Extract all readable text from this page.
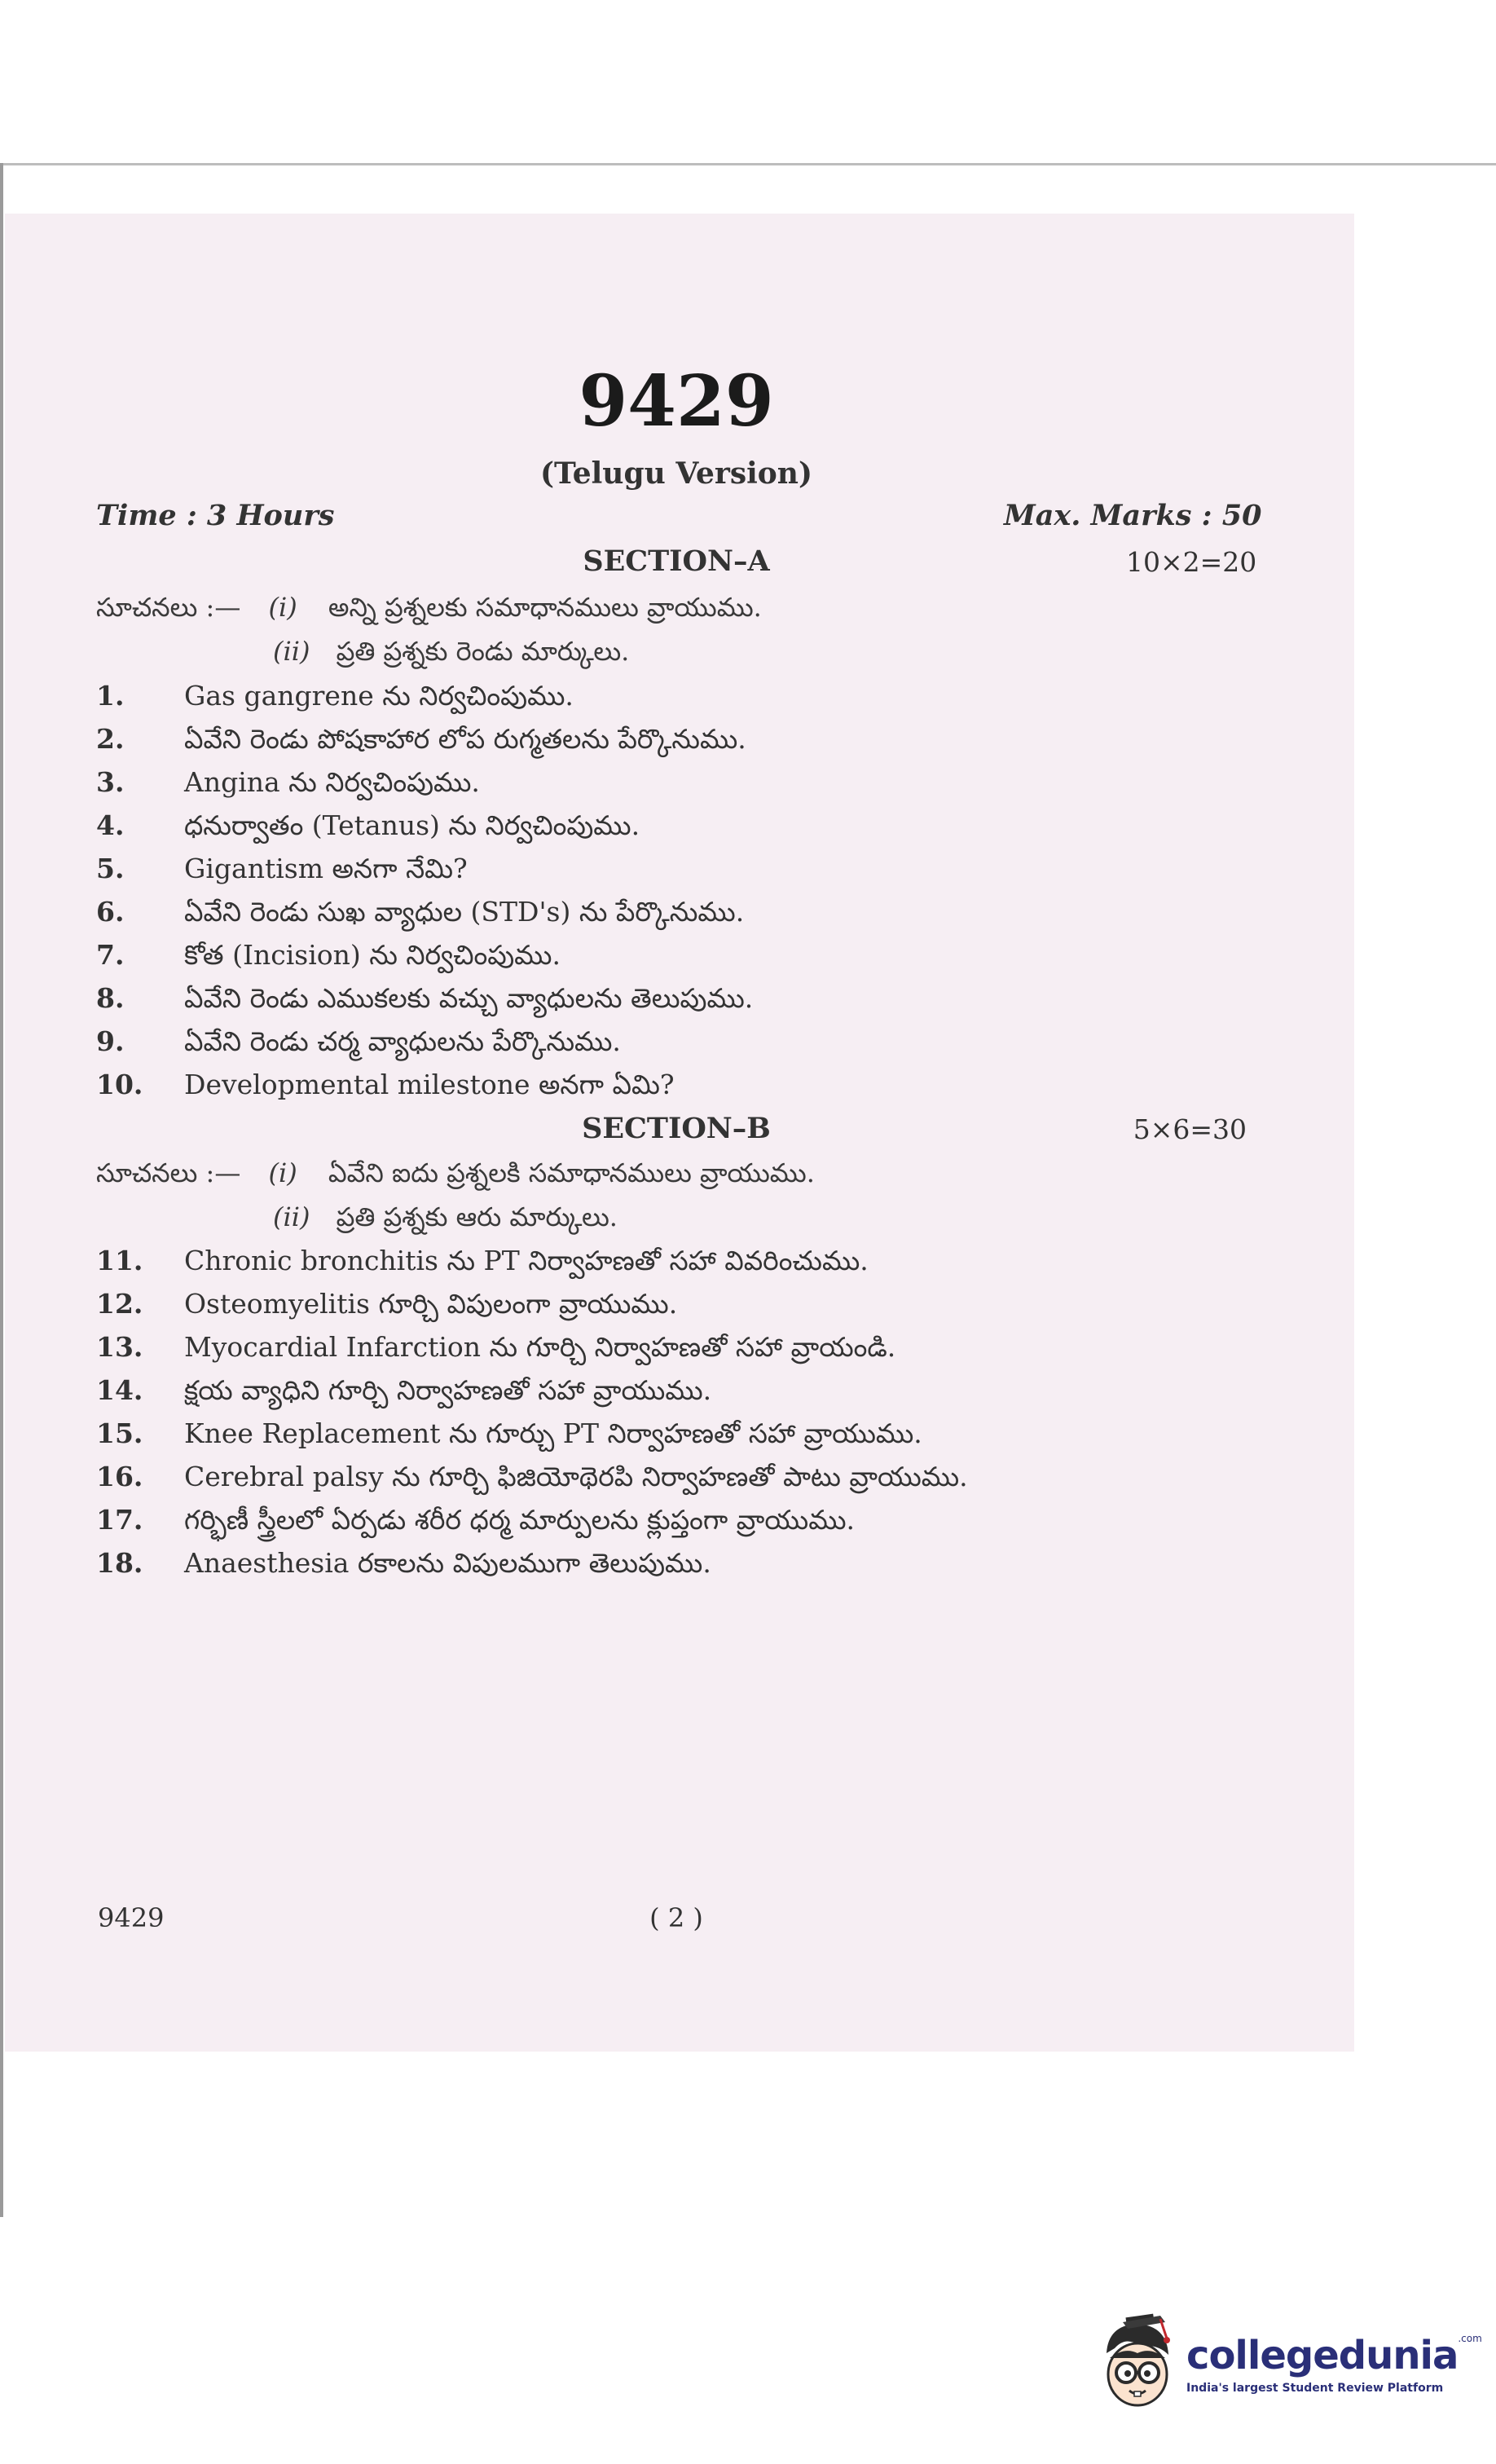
9429
(Telugu Version)
Time : 3 Hours	Max. Marks : 50
SECTION–A	10×2=20
సూచనలు :— (i) అన్ని ప్రశ్నలకు సమాధానములు వ్రాయుము.
(ii) ప్రతి ప్రశ్నకు రెండు మార్కులు.
1.	Gas gangrene ను నిర్వచింపుము.
2.	ఏవేని రెండు పోషకాహార లోప రుగ్మతలను పేర్కొనుము.
3.	Angina ను నిర్వచింపుము.
4.	ధనుర్వాతం (Tetanus) ను నిర్వచింపుము.
5.	Gigantism అనగా నేమి?
6.	ఏవేని రెండు సుఖ వ్యాధుల (STD's) ను పేర్కొనుము.
7.	కోత (Incision) ను నిర్వచింపుము.
8.	ఏవేని రెండు ఎముకలకు వచ్చు వ్యాధులను తెలుపుము.
9.	ఏవేని రెండు చర్మ వ్యాధులను పేర్కొనుము.
10.	Developmental milestone అనగా ఏమి?
SECTION–B	5×6=30
సూచనలు :— (i) ఏవేని ఐదు ప్రశ్నలకి సమాధానములు వ్రాయుము.
(ii) ప్రతి ప్రశ్నకు ఆరు మార్కులు.
11.	Chronic bronchitis ను PT నిర్వాహణతో సహా వివరించుము.
12.	Osteomyelitis గూర్చి విపులంగా వ్రాయుము.
13.	Myocardial Infarction ను గూర్చి నిర్వాహణతో సహా వ్రాయండి.
14.	క్షయ వ్యాధిని గూర్చి నిర్వాహణతో సహా వ్రాయుము.
15.	Knee Replacement ను గూర్చు PT నిర్వాహణతో సహా వ్రాయుము.
16.	Cerebral palsy ను గూర్చి ఫిజియోథెరపి నిర్వాహణతో పాటు వ్రాయుము.
17.	గర్భిణీ స్త్రీలలో ఏర్పడు శరీర ధర్మ మార్పులను క్లుప్తంగా వ్రాయుము.
18.	Anaesthesia రకాలను విపులముగా తెలుపుము.
9429	( 2 )
collegedunia$^{.com}$
India's largest Student Review Platform
